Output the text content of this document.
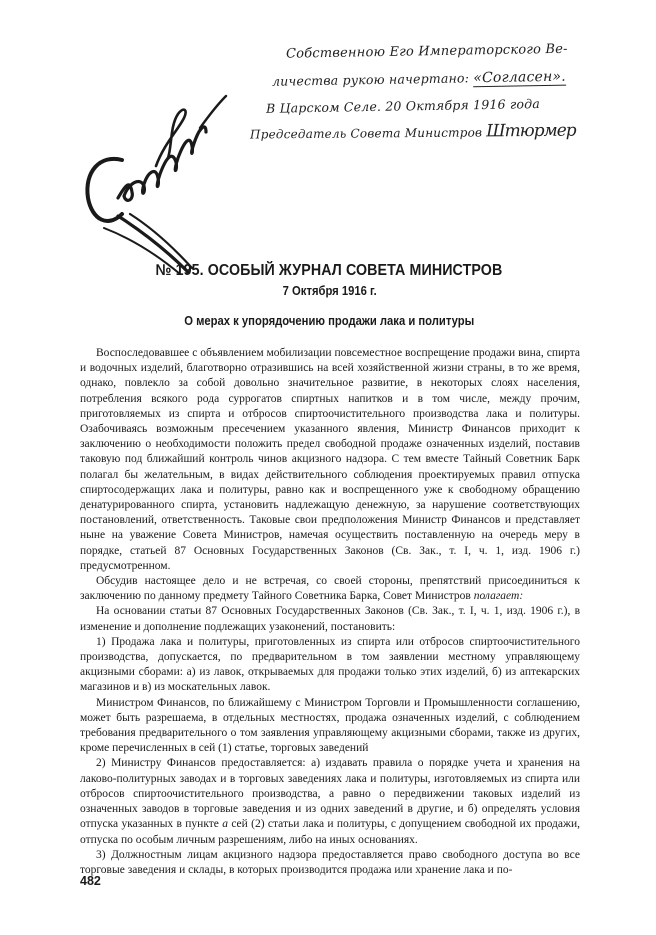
Согласен.
Собственною Его Императорского Ве-
личества рукою начертано: «Согласен».
В Царском Селе. 20 Октября 1916 года
Председатель Совета Министров Штюрмер
№ 195. ОСОБЫЙ ЖУРНАЛ СОВЕТА МИНИСТРОВ
7 Октября 1916 г.
О мерах к упорядочению продажи лака и политуры

Воспоследовавшее с объявлением мобилизации повсеместное воспрещение продажи вина, спирта и водочных изделий, благотворно отразившись на всей хозяйственной жизни страны, в то же время, однако, повлекло за собой довольно значительное развитие, в некоторых слоях населения, потребления всякого рода суррогатов спиртных напитков и в том числе, между прочим, приготовляемых из спирта и отбросов спиртоочистительного производства лака и политуры. Озабочиваясь возможным пресечением указанного явления, Министр Финансов приходит к заключению о необходимости положить предел свободной продаже означенных изделий, поставив таковую под ближайший контроль чинов акцизного надзора. С тем вместе Тайный Советник Барк полагал бы желательным, в видах действительного соблюдения проектируемых правил отпуска спиртосодержащих лака и политуры, равно как и воспрещенного уже к свободному обращению денатурированного спирта, установить надлежащую денежную, за нарушение соответствующих постановлений, ответственность. Таковые свои предположения Министр Финансов и представляет ныне на уважение Совета Министров, намечая осуществить поставленную на очередь меру в порядке, статьей 87 Основных Государственных Законов (Св. Зак., т. I, ч. 1, изд. 1906 г.) предусмотренном.

Обсудив настоящее дело и не встречая, со своей стороны, препятствий присоединиться к заключению по данному предмету Тайного Советника Барка, Совет Министров полагает:

На основании статьи 87 Основных Государственных Законов (Св. Зак., т. I, ч. 1, изд. 1906 г.), в изменение и дополнение подлежащих узаконений, постановить:

1) Продажа лака и политуры, приготовленных из спирта или отбросов спиртоочистительного производства, допускается, по предварительном в том заявлении местному управляющему акцизными сборами: а) из лавок, открываемых для продажи только этих изделий, б) из аптекарских магазинов и в) из москательных лавок.

Министром Финансов, по ближайшему с Министром Торговли и Промышленности соглашению, может быть разрешаема, в отдельных местностях, продажа означенных изделий, с соблюдением требования предварительного о том заявления управляющему акцизными сборами, также из других, кроме перечисленных в сей (1) статье, торговых заведений

2) Министру Финансов предоставляется: а) издавать правила о порядке учета и хранения на лаково-политурных заводах и в торговых заведениях лака и политуры, изготовляемых из спирта или отбросов спиртоочистительного производства, а равно о передвижении таковых изделий из означенных заводов в торговые заведения и из одних заведений в другие, и б) определять условия отпуска указанных в пункте а сей (2) статьи лака и политуры, с допущением свободной их продажи, отпуска по особым личным разрешениям, либо на иных основаниях.

3) Должностным лицам акцизного надзора предоставляется право свободного доступа во все торговые заведения и склады, в которых производится продажа или хранение лака и по-

482
